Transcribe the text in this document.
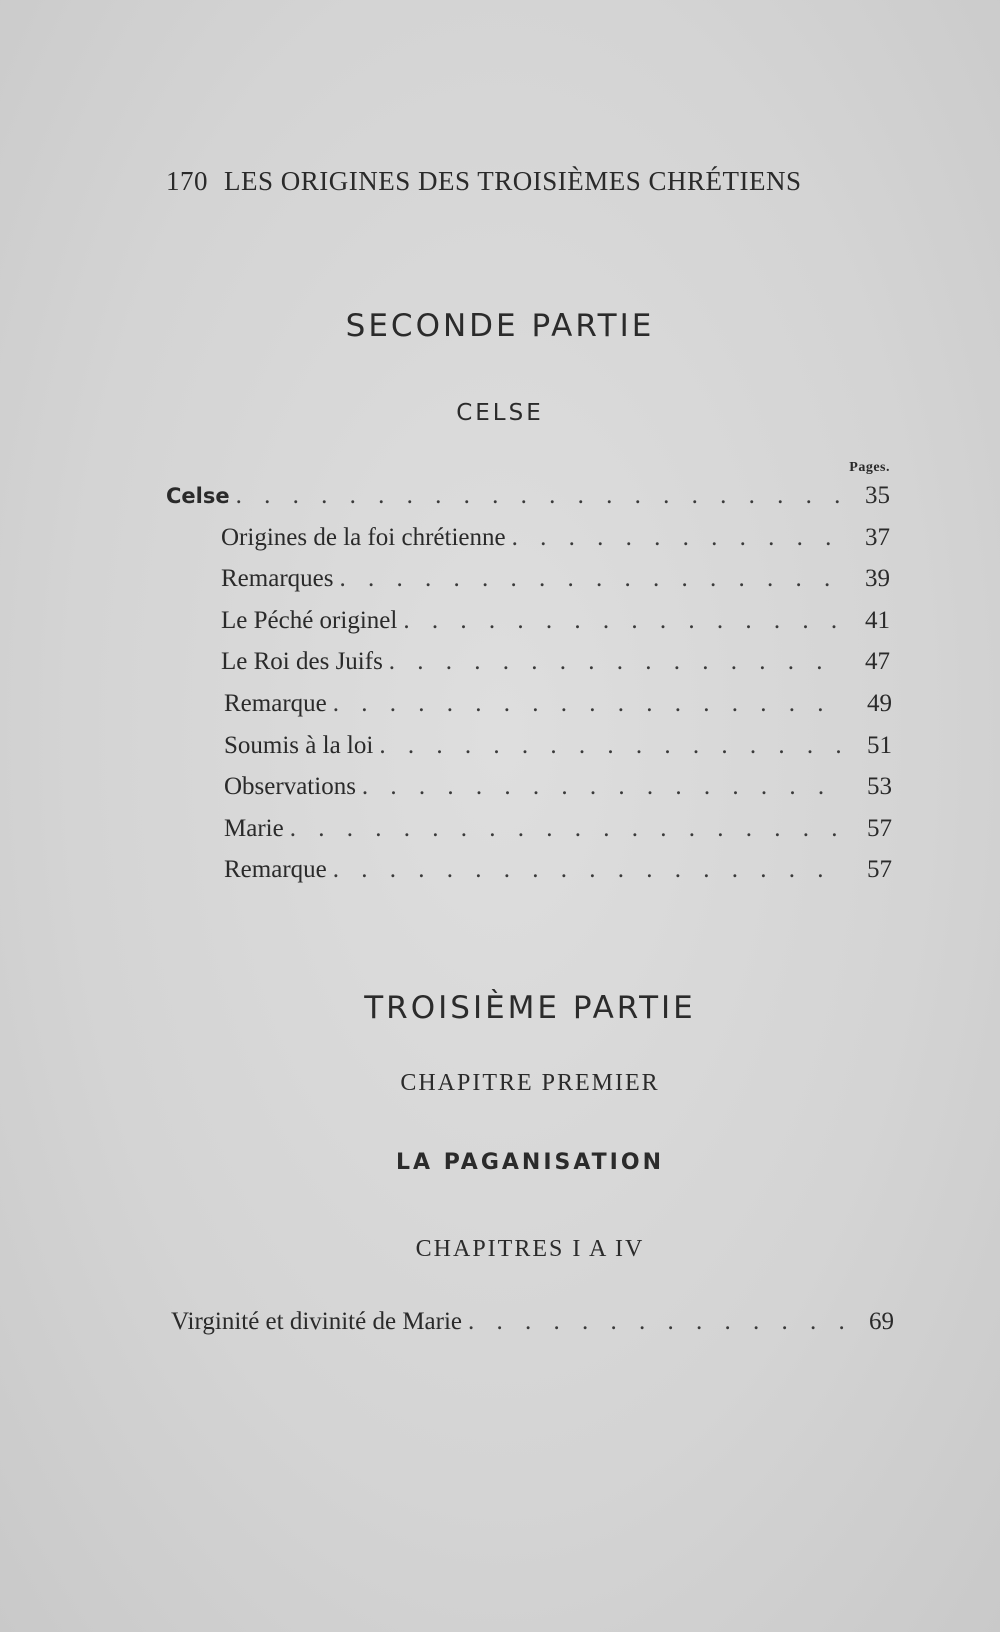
170 LES ORIGINES DES TROISIÈMES CHRÉTIENS
SECONDE PARTIE
CELSE
Pages.
Celse . . .	35
Origines de la foi chrétienne . . .	37
Remarques . . .	39
Le Péché originel . . .	41
Le Roi des Juifs . . .	47
Remarque . . .	49
Soumis à la loi . . .	51
Observations . . .	53
Marie . . .	57
Remarque . . .	57
TROISIÈME PARTIE
CHAPITRE PREMIER
LA PAGANISATION
CHAPITRES I A IV
Virginité et divinité de Marie . . .	69
